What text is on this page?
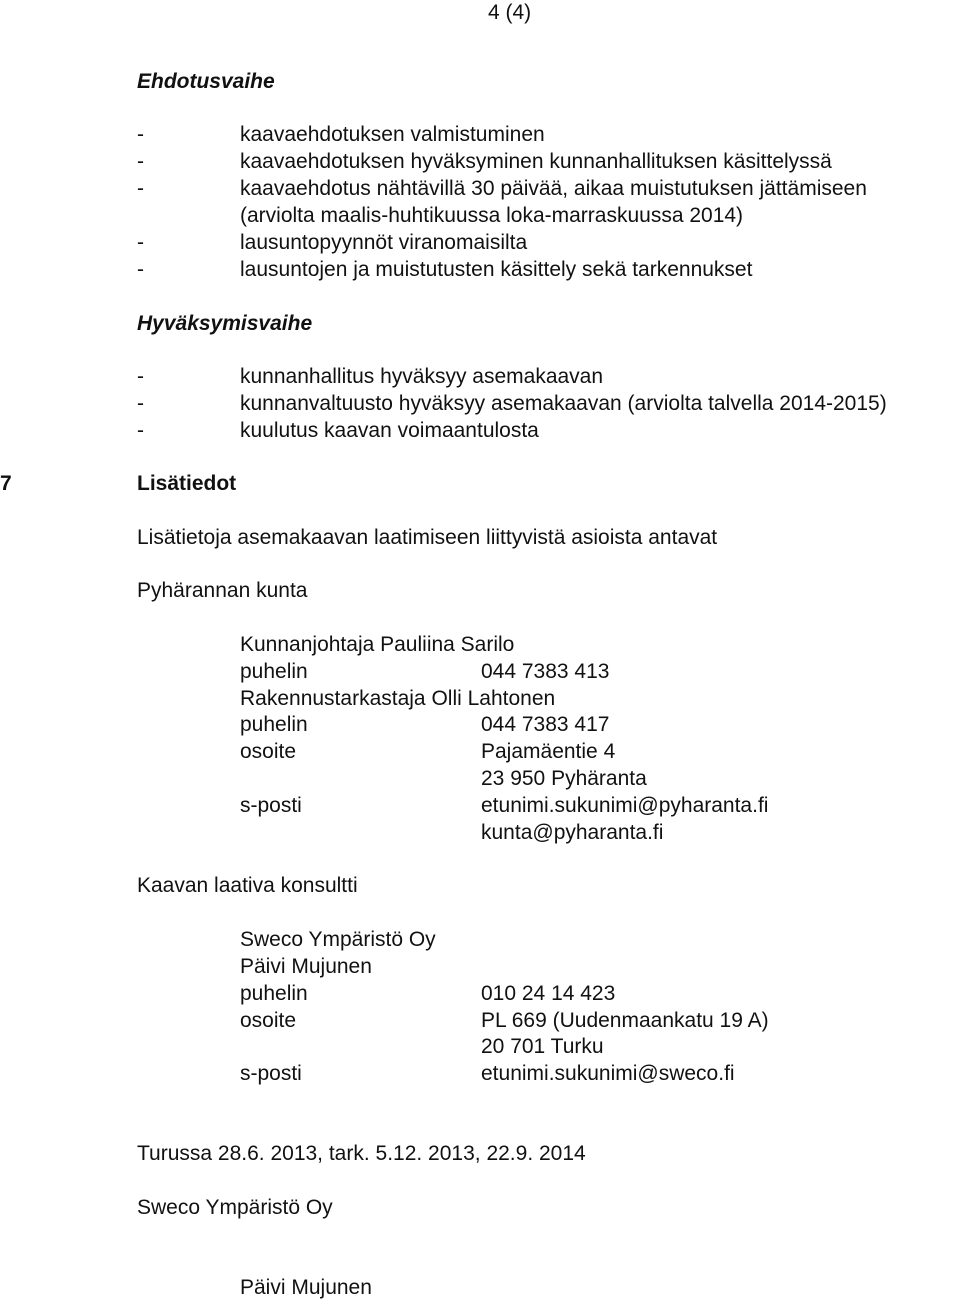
4 (4)
Ehdotusvaihe
-	kaavaehdotuksen valmistuminen
-	kaavaehdotuksen hyväksyminen kunnanhallituksen käsittelyssä
-	kaavaehdotus nähtävillä 30 päivää, aikaa muistutuksen jättämiseen
(arviolta maalis-huhtikuussa loka-marraskuussa 2014)
-	lausuntopyynnöt viranomaisilta
-	lausuntojen ja muistutusten käsittely sekä tarkennukset
Hyväksymisvaihe
-	kunnanhallitus hyväksyy asemakaavan
-	kunnanvaltuusto hyväksyy asemakaavan (arviolta talvella 2014-2015)
-	kuulutus kaavan voimaantulosta
7	Lisätiedot
Lisätietoja asemakaavan laatimiseen liittyvistä asioista antavat
Pyhärannan kunta
Kunnanjohtaja Pauliina Sarilo
puhelin	044 7383 413
Rakennustarkastaja Olli Lahtonen
puhelin	044 7383 417
osoite	Pajamäentie 4
23 950 Pyhäranta
s-posti	etunimi.sukunimi@pyharanta.fi
kunta@pyharanta.fi
Kaavan laativa konsultti
Sweco Ympäristö Oy
Päivi Mujunen
puhelin	010 24 14 423
osoite	PL 669 (Uudenmaankatu 19 A)
20 701 Turku
s-posti	etunimi.sukunimi@sweco.fi
Turussa 28.6. 2013, tark. 5.12. 2013, 22.9. 2014
Sweco Ympäristö Oy
Päivi Mujunen
